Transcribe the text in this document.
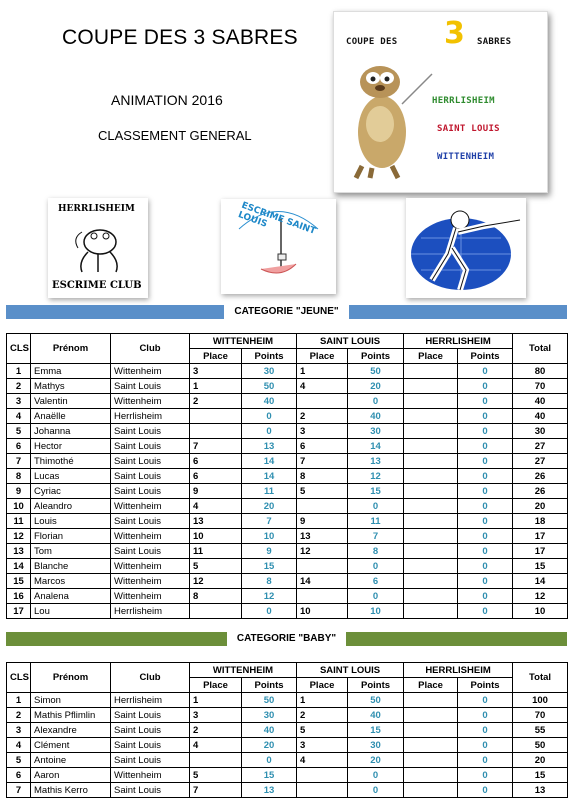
COUPE DES 3 SABRES
ANIMATION 2016
CLASSEMENT GENERAL
COUPE DES 3 SABRES
HERRLISHEIM
SAINT LOUIS
WITTENHEIM
HERRLISHEIM
ESCRIME CLUB
ESCRIME SAINT LOUIS
CATEGORIE "JEUNE"
CLS	Prénom	Club	WITTENHEIM		SAINT LOUIS		HERRLISHEIM		Total
			Place	Points	Place	Points	Place	Points	
1	Emma	Wittenheim	3	30	1	50		0	80
2	Mathys	Saint Louis	1	50	4	20		0	70
3	Valentin	Wittenheim	2	40		0		0	40
4	Anaëlle	Herrlisheim		0	2	40		0	40
5	Johanna	Saint Louis		0	3	30		0	30
6	Hector	Saint Louis	7	13	6	14		0	27
7	Thimothé	Saint Louis	6	14	7	13		0	27
8	Lucas	Saint Louis	6	14	8	12		0	26
9	Cyriac	Saint Louis	9	11	5	15		0	26
10	Aleandro	Wittenheim	4	20		0		0	20
11	Louis	Saint Louis	13	7	9	11		0	18
12	Florian	Wittenheim	10	10	13	7		0	17
13	Tom	Saint Louis	11	9	12	8		0	17
14	Blanche	Wittenheim	5	15		0		0	15
15	Marcos	Wittenheim	12	8	14	6		0	14
16	Analena	Wittenheim	8	12		0		0	12
17	Lou	Herrlisheim		0	10	10		0	10
CATEGORIE "BABY"
CLS	Prénom	Club	WITTENHEIM		SAINT LOUIS		HERRLISHEIM		Total
			Place	Points	Place	Points	Place	Points	
1	Simon	Herrlisheim	1	50	1	50		0	100
2	Mathis Pflimlin	Saint Louis	3	30	2	40		0	70
3	Alexandre	Saint Louis	2	40	5	15		0	55
4	Clément	Saint Louis	4	20	3	30		0	50
5	Antoine	Saint Louis		0	4	20		0	20
6	Aaron	Wittenheim	5	15		0		0	15
7	Mathis Kerro	Saint Louis	7	13		0		0	13
